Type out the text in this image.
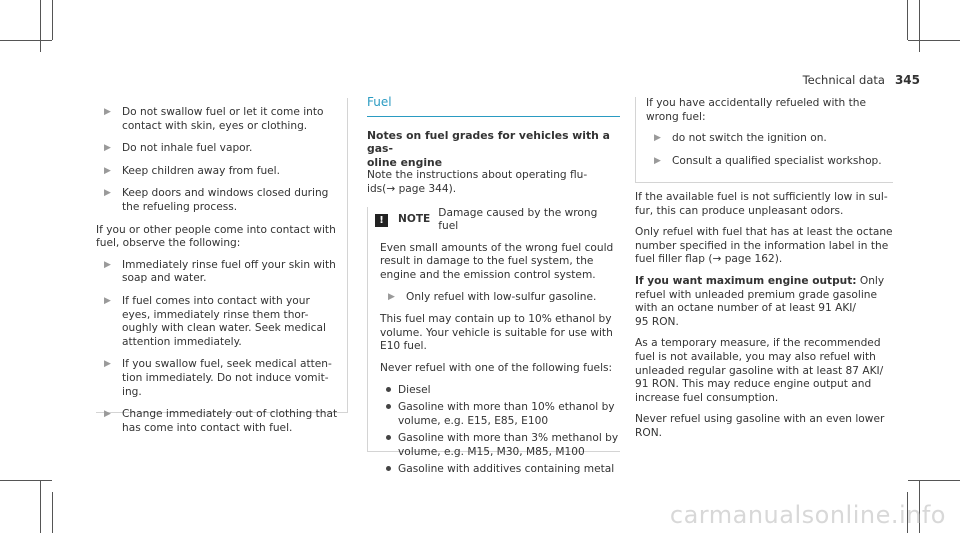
Technical data 345
▶	Do not swallow fuel or let it come into
contact with skin, eyes or clothing.
▶	Do not inhale fuel vapor.
▶	Keep children away from fuel.
▶	Keep doors and windows closed during
the refueling process.

If you or other people come into contact with
fuel, observe the following:

▶	Immediately rinse fuel off your skin with
soap and water.
▶	If fuel comes into contact with your
eyes, immediately rinse them thor-
oughly with clean water. Seek medical
attention immediately.
▶	If you swallow fuel, seek medical atten-
tion immediately. Do not induce vomit-
ing.
▶	Change immediately out of clothing that
has come into contact with fuel.
Fuel
Notes on fuel grades for vehicles with a gas-
oline engine

Note the instructions about operating flu-
ids(→ page 344).

!	NOTE
Damage caused by the wrong fuel

Even small amounts of the wrong fuel could
result in damage to the fuel system, the
engine and the emission control system.

▶	Only refuel with low-sulfur gasoline.

This fuel may contain up to 10% ethanol by
volume. Your vehicle is suitable for use with
E10 fuel.

Never refuel with one of the following fuels:

Diesel
Gasoline with more than 10% ethanol by
volume, e.g. E15, E85, E100
Gasoline with more than 3% methanol by
volume, e.g. M15, M30, M85, M100
Gasoline with additives containing metal

If you have accidentally refueled with the
wrong fuel:

▶	do not switch the ignition on.
▶	Consult a qualified specialist workshop.

If the available fuel is not sufficiently low in sul-
fur, this can produce unpleasant odors.

Only refuel with fuel that has at least the octane
number specified in the information label in the
fuel filler flap (→ page 162).

If you want maximum engine output: Only
refuel with unleaded premium grade gasoline
with an octane number of at least 91 AKI/
95 RON.

As a temporary measure, if the recommended
fuel is not available, you may also refuel with
unleaded regular gasoline with at least 87 AKI/
91 RON. This may reduce engine output and
increase fuel consumption.

Never refuel using gasoline with an even lower
RON.

carmanualsonline.info
